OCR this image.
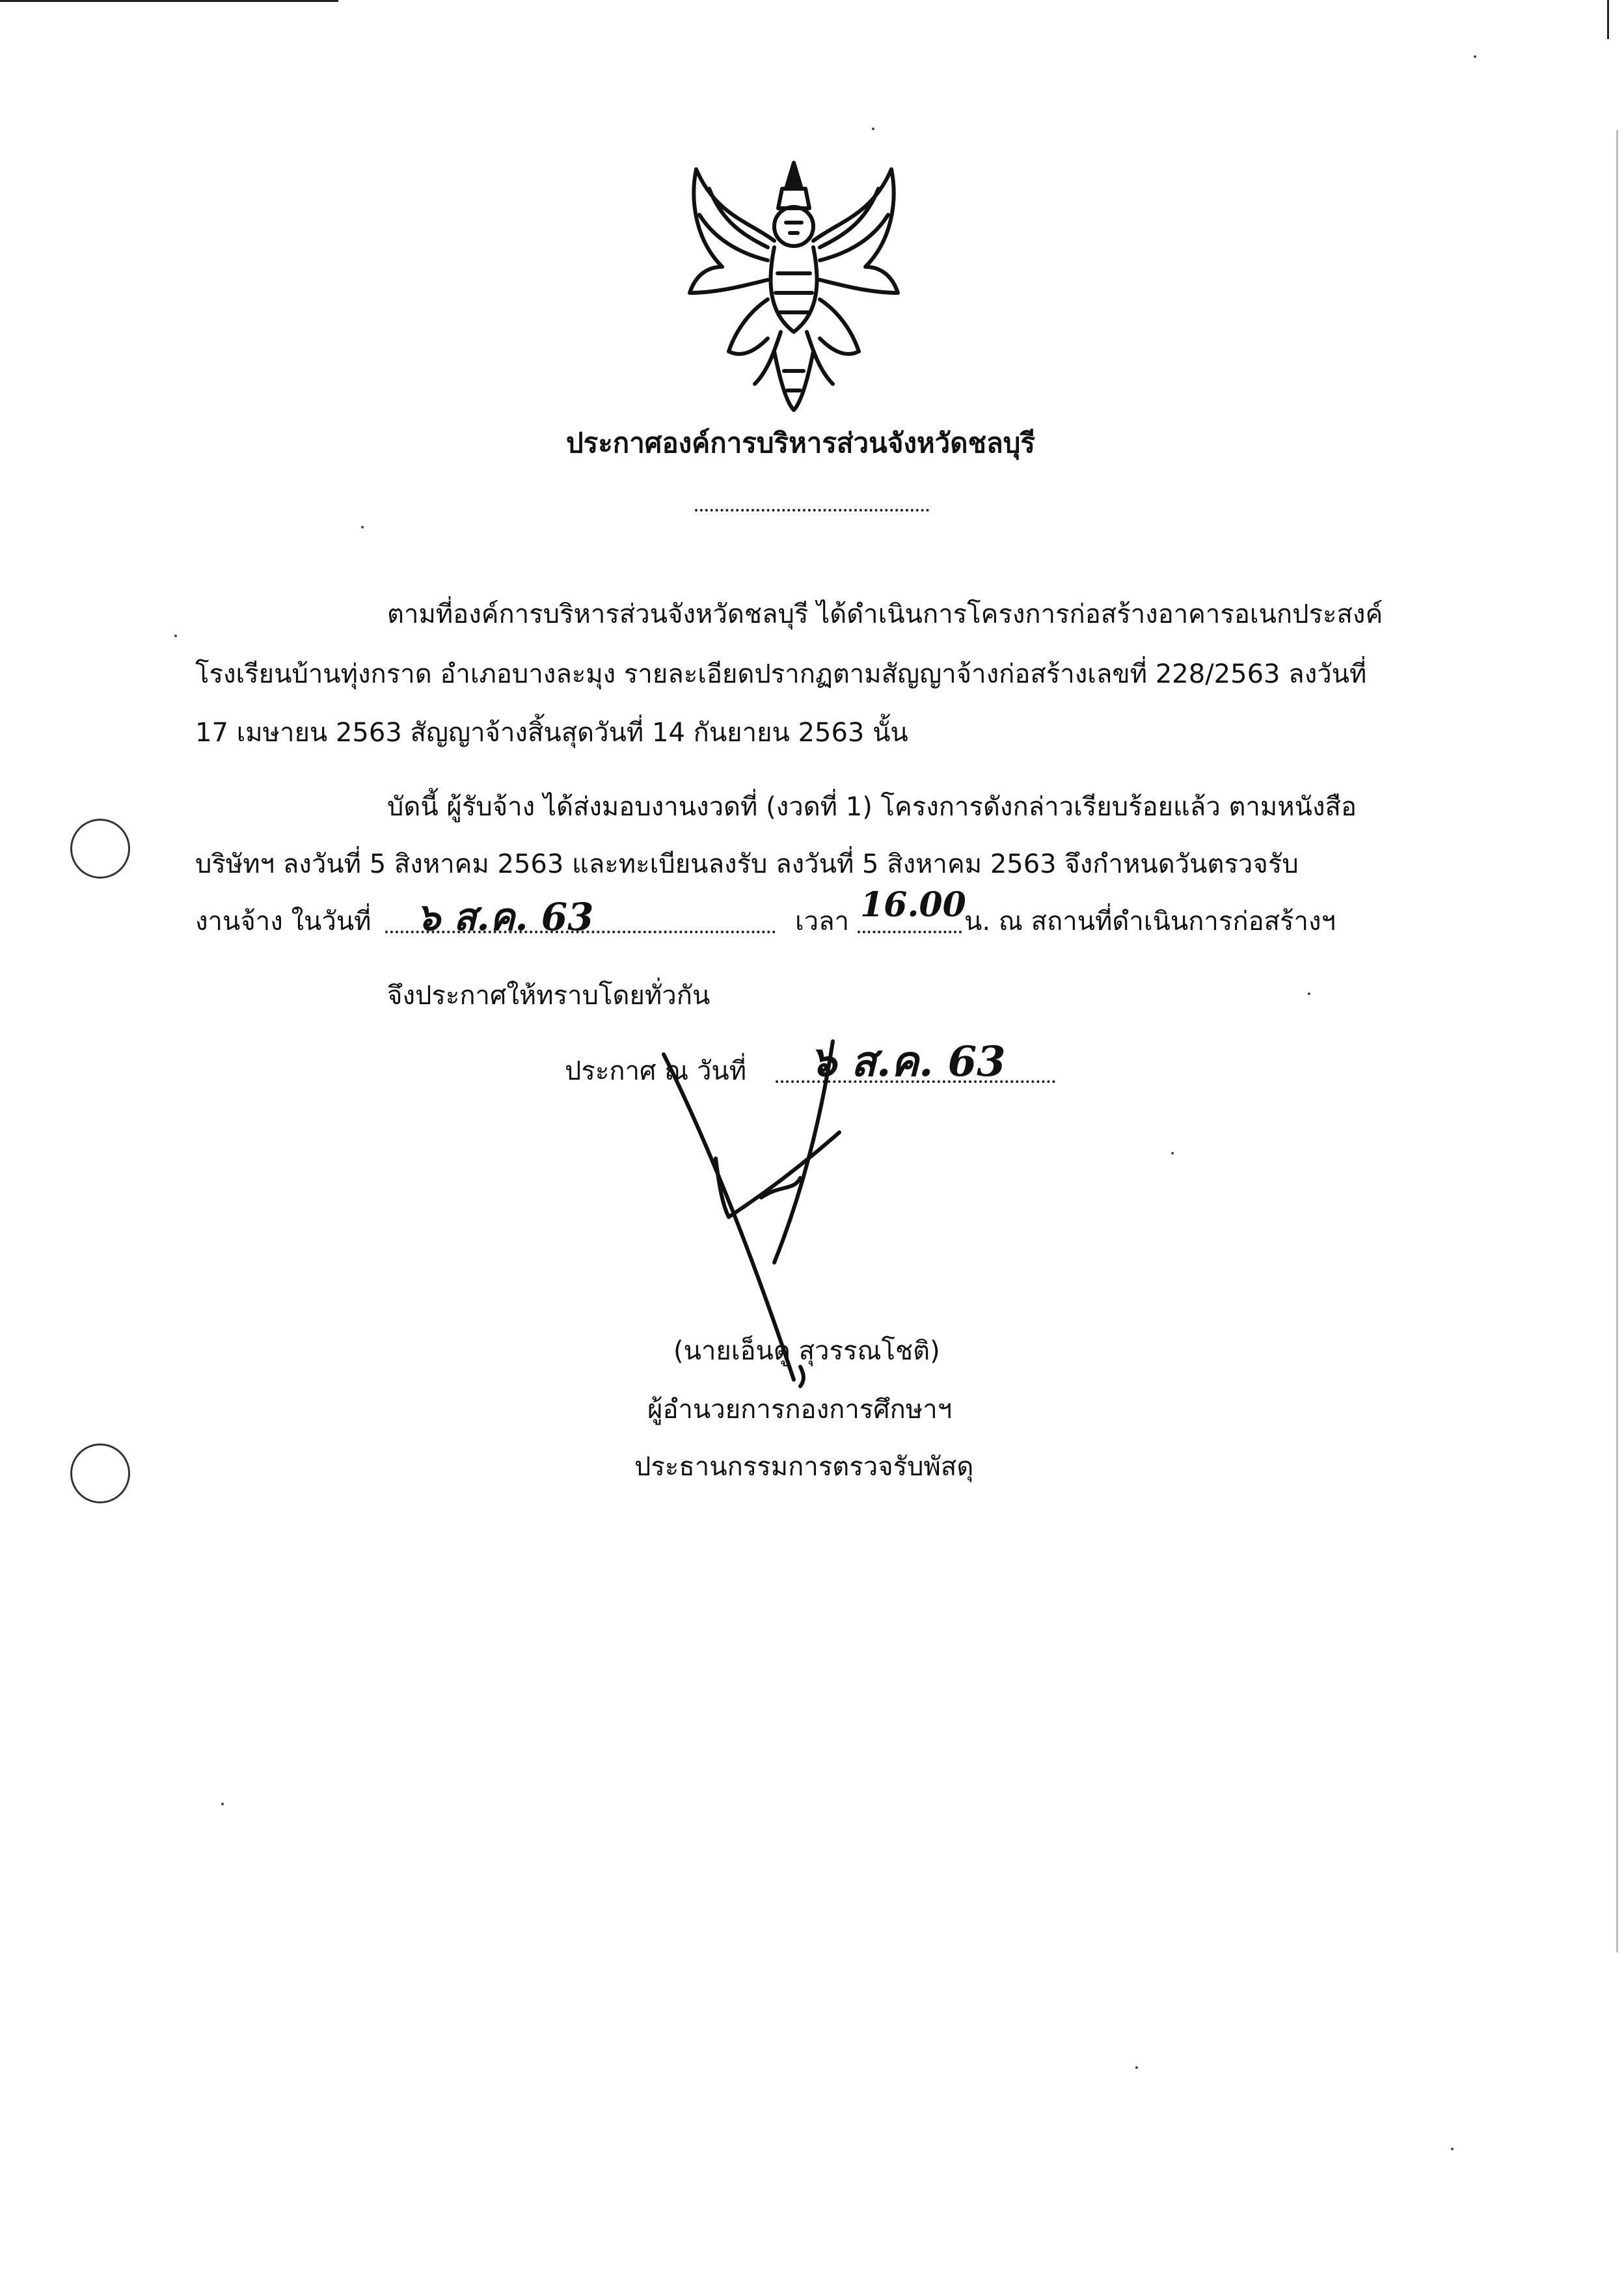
ประกาศองค์การบริหารส่วนจังหวัดชลบุรี
ตามที่องค์การบริหารส่วนจังหวัดชลบุรี ได้ดำเนินการโครงการก่อสร้างอาคารอเนกประสงค์
โรงเรียนบ้านทุ่งกราด อำเภอบางละมุง รายละเอียดปรากฏตามสัญญาจ้างก่อสร้างเลขที่ 228/2563 ลงวันที่
17 เมษายน 2563 สัญญาจ้างสิ้นสุดวันที่ 14 กันยายน 2563 นั้น
บัดนี้ ผู้รับจ้าง ได้ส่งมอบงานงวดที่ (งวดที่ 1) โครงการดังกล่าวเรียบร้อยแล้ว ตามหนังสือ
บริษัทฯ ลงวันที่ 5 สิงหาคม 2563 และทะเบียนลงรับ ลงวันที่ 5 สิงหาคม 2563 จึงกำหนดวันตรวจรับ
งานจ้าง ในวันที่ ๖ ส.ค. 63	เวลา 16.00
น. ณ สถานที่ดำเนินการก่อสร้างฯ
จึงประกาศให้ทราบโดยทั่วกัน
ประกาศ ณ วันที่ ๖ ส.ค. 63
(นายเอ็นดู สุวรรณโชติ)
ผู้อำนวยการกองการศึกษาฯ
ประธานกรรมการตรวจรับพัสดุ
